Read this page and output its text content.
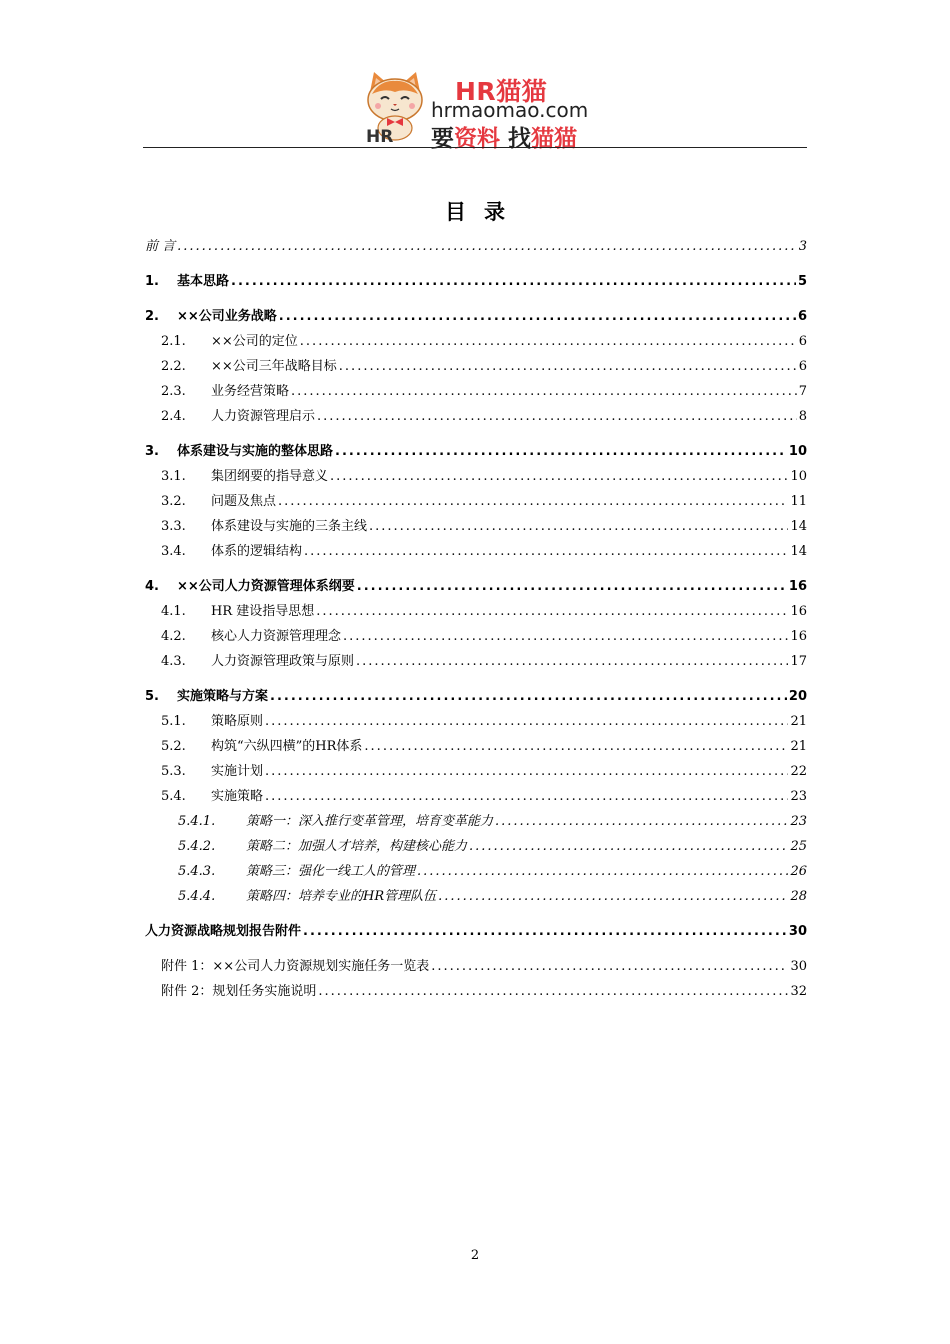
HR
HR猫猫
hrmaomao.com
要资料 找猫猫
目录
前 言 .....	3
1.	基本思路 .....	5
2.	××公司业务战略 .....	6
2.1.	××公司的定位 .....	6
2.2.	××公司三年战略目标 .....	6
2.3.	业务经营策略 .....	7
2.4.	人力资源管理启示 .....	8
3.	体系建设与实施的整体思路 .....	10
3.1.	集团纲要的指导意义 .....	10
3.2.	问题及焦点 .....	11
3.3.	体系建设与实施的三条主线 .....	14
3.4.	体系的逻辑结构 .....	14
4.	××公司人力资源管理体系纲要 .....	16
4.1.	HR 建设指导思想 .....	16
4.2.	核心人力资源管理理念 .....	16
4.3.	人力资源管理政策与原则 .....	17
5.	实施策略与方案 .....	20
5.1.	策略原则 .....	21
5.2.	构筑“六纵四横”的HR体系 .....	21
5.3.	实施计划 .....	22
5.4.	实施策略 .....	23
5.4.1.	策略一：深入推行变革管理，培育变革能力 .....	23
5.4.2.	策略二：加强人才培养，构建核心能力 .....	25
5.4.3.	策略三：强化一线工人的管理 .....	26
5.4.4.	策略四：培养专业的HR管理队伍 .....	28
人力资源战略规划报告附件 .....	30
附件 1：××公司人力资源规划实施任务一览表 .....	30
附件 2：规划任务实施说明 .....	32
2
